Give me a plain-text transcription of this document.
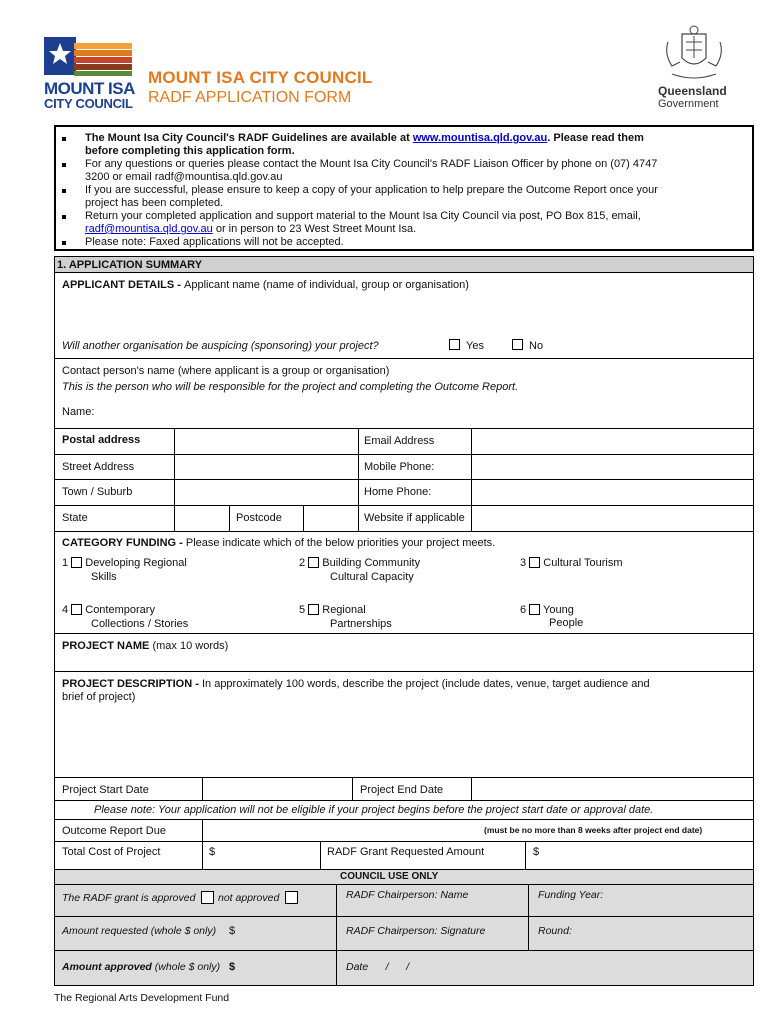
MOUNT ISA
CITY COUNCIL
MOUNT ISA CITY COUNCIL
RADF APPLICATION FORM	Queensland
Government
The Mount Isa City Council's RADF Guidelines are available at www.mountisa.qld.gov.au. Please read them
before completing this application form.
For any questions or queries please contact the Mount Isa City Council's RADF Liaison Officer by phone on (07) 4747
3200 or email radf@mountisa.qld.gov.au
If you are successful, please ensure to keep a copy of your application to help prepare the Outcome Report once your
project has been completed.
Return your completed application and support material to the Mount Isa City Council via post, PO Box 815, email,
radf@mountisa.qld.gov.au or in person to 23 West Street Mount Isa.
Please note: Faxed applications will not be accepted.
1. APPLICATION SUMMARY
APPLICANT DETAILS - Applicant name (name of individual, group or organisation)
Will another organisation be auspicing (sponsoring) your project?	Yes	No
Contact person's name (where applicant is a group or organisation)
This is the person who will be responsible for the project and completing the Outcome Report.
Name:
Postal address	Email Address
Street Address	Mobile Phone:
Town / Suburb	Home Phone:
State	Postcode	Website if applicable
CATEGORY FUNDING - Please indicate which of the below priorities your project meets.
1 Developing Regional
Skills
2 Building Community
Cultural Capacity
3 Cultural Tourism
4 Contemporary
Collections / Stories
5 Regional
Partnerships
6 Young
People
PROJECT NAME (max 10 words)
PROJECT DESCRIPTION - In approximately 100 words, describe the project (include dates, venue, target audience and
brief of project)
Project Start Date	Project End Date
Please note: Your application will not be eligible if your project begins before the project start date or approval date.
Outcome Report Due	(must be no more than 8 weeks after project end date)
Total Cost of Project	$	RADF Grant Requested Amount	$
COUNCIL USE ONLY
The RADF grant is approved not approved	RADF Chairperson: Name	Funding Year:
Amount requested (whole $ only) $	RADF Chairperson: Signature	Round:
Amount approved (whole $ only) $	Date      /      /
The Regional Arts Development Fund
